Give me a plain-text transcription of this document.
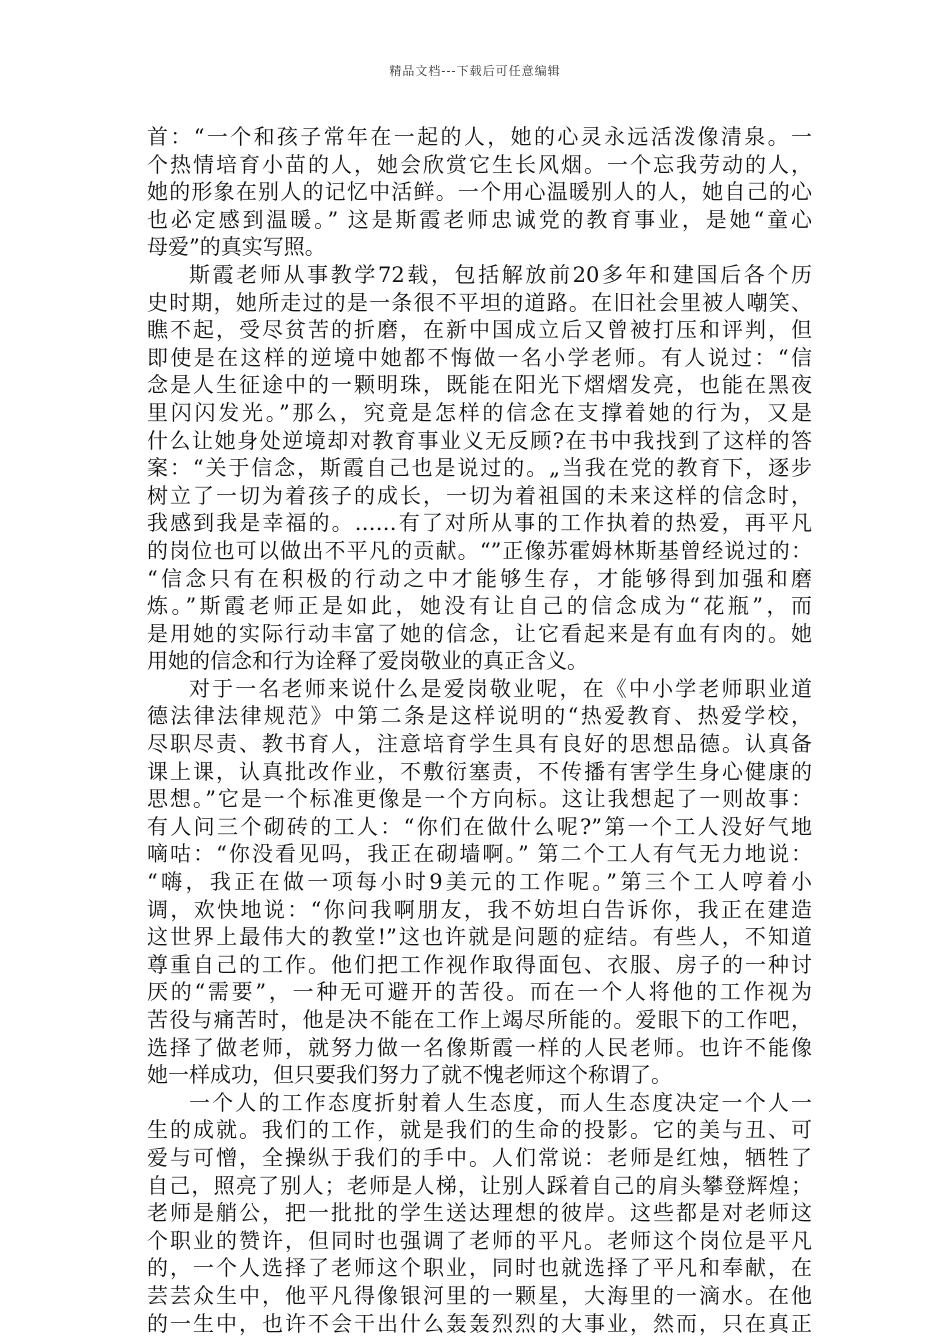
精品文档---下载后可任意编辑
首：“一个和孩子常年在一起的人，她的心灵永远活泼像清泉。一
个热情培育小苗的人，她会欣赏它生长风烟。一个忘我劳动的人，
她的形象在别人的记忆中活鲜。一个用心温暖别人的人，她自己的心
也必定感到温暖。” 这是斯霞老师忠诚党的教育事业，是她“童心
母爱”的真实写照。
斯霞老师从事教学72载，包括解放前20多年和建国后各个历
史时期，她所走过的是一条很不平坦的道路。在旧社会里被人嘲笑、
瞧不起，受尽贫苦的折磨，在新中国成立后又曾被打压和评判，但
即使是在这样的逆境中她都不悔做一名小学老师。有人说过：“信
念是人生征途中的一颗明珠，既能在阳光下熠熠发亮，也能在黑夜
里闪闪发光。”那么，究竟是怎样的信念在支撑着她的行为，又是
什么让她身处逆境却对教育事业义无反顾?在书中我找到了这样的答
案：“关于信念，斯霞自己也是说过的。„当我在党的教育下，逐步
树立了一切为着孩子的成长，一切为着祖国的未来这样的信念时，
我感到我是幸福的。……有了对所从事的工作执着的热爱，再平凡
的岗位也可以做出不平凡的贡献。“”正像苏霍姆林斯基曾经说过的：
“信念只有在积极的行动之中才能够生存，才能够得到加强和磨
炼。”斯霞老师正是如此，她没有让自己的信念成为“花瓶”，而
是用她的实际行动丰富了她的信念，让它看起来是有血有肉的。她
用她的信念和行为诠释了爱岗敬业的真正含义。
对于一名老师来说什么是爱岗敬业呢，在《中小学老师职业道
德法律法律规范》中第二条是这样说明的“热爱教育、热爱学校，
尽职尽责、教书育人，注意培育学生具有良好的思想品德。认真备
课上课，认真批改作业，不敷衍塞责，不传播有害学生身心健康的
思想。”它是一个标准更像是一个方向标。这让我想起了一则故事：
有人问三个砌砖的工人：“你们在做什么呢?”第一个工人没好气地
嘀咕：“你没看见吗，我正在砌墙啊。” 第二个工人有气无力地说：
“嗨，我正在做一项每小时9美元的工作呢。”第三个工人哼着小
调，欢快地说：“你问我啊朋友，我不妨坦白告诉你，我正在建造
这世界上最伟大的教堂!”这也许就是问题的症结。有些人，不知道
尊重自己的工作。他们把工作视作取得面包、衣服、房子的一种讨
厌的“需要”，一种无可避开的苦役。而在一个人将他的工作视为
苦役与痛苦时，他是决不能在工作上竭尽所能的。爱眼下的工作吧，
选择了做老师，就努力做一名像斯霞一样的人民老师。也许不能像
她一样成功，但只要我们努力了就不愧老师这个称谓了。
一个人的工作态度折射着人生态度，而人生态度决定一个人一
生的成就。我们的工作，就是我们的生命的投影。它的美与丑、可
爱与可憎，全操纵于我们的手中。人们常说：老师是红烛，牺牲了
自己，照亮了别人；老师是人梯，让别人踩着自己的肩头攀登辉煌；
老师是艄公，把一批批的学生送达理想的彼岸。这些都是对老师这
个职业的赞许，但同时也强调了老师的平凡。老师这个岗位是平凡
的，一个人选择了老师这个职业，同时也就选择了平凡和奉献，在
芸芸众生中，他平凡得像银河里的一颗星，大海里的一滴水。在他
的一生中，也许不会干出什么轰轰烈烈的大事业，然而，只在真正
